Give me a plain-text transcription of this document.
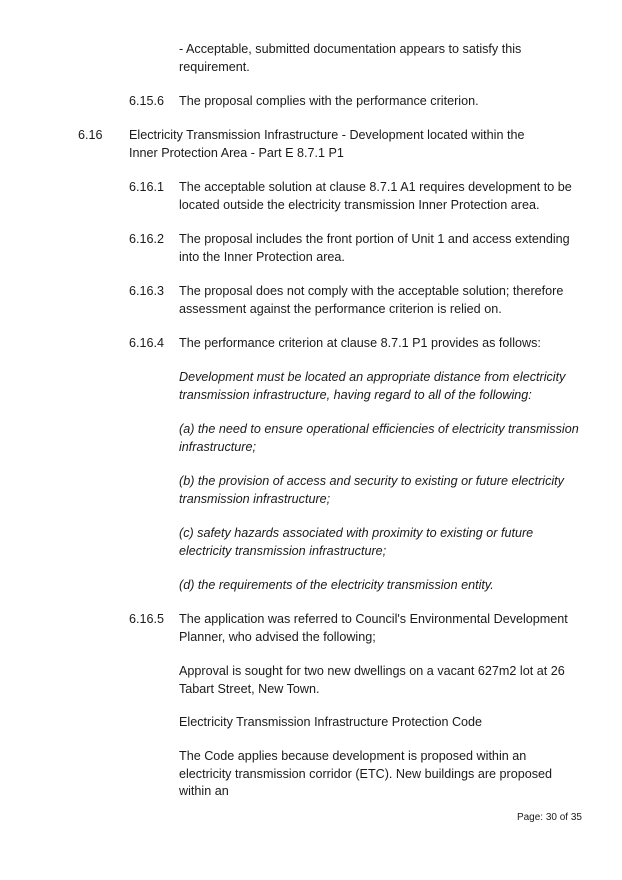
- Acceptable, submitted documentation appears to satisfy this requirement.

6.15.6 The proposal complies with the performance criterion.

6.16 Electricity Transmission Infrastructure - Development located within the Inner Protection Area - Part E 8.7.1 P1

6.16.1 The acceptable solution at clause 8.7.1 A1 requires development to be located outside the electricity transmission Inner Protection area.

6.16.2 The proposal includes the front portion of Unit 1 and access extending into the Inner Protection area.

6.16.3 The proposal does not comply with the acceptable solution; therefore assessment against the performance criterion is relied on.

6.16.4 The performance criterion at clause 8.7.1 P1 provides as follows:

Development must be located an appropriate distance from electricity transmission infrastructure, having regard to all of the following:

(a) the need to ensure operational efficiencies of electricity transmission infrastructure;

(b) the provision of access and security to existing or future electricity transmission infrastructure;

(c) safety hazards associated with proximity to existing or future electricity transmission infrastructure;

(d) the requirements of the electricity transmission entity.

6.16.5 The application was referred to Council's Environmental Development Planner, who advised the following;

Approval is sought for two new dwellings on a vacant 627m2 lot at 26 Tabart Street, New Town.

Electricity Transmission Infrastructure Protection Code

The Code applies because development is proposed within an electricity transmission corridor (ETC). New buildings are proposed within an

Page: 30 of 35
